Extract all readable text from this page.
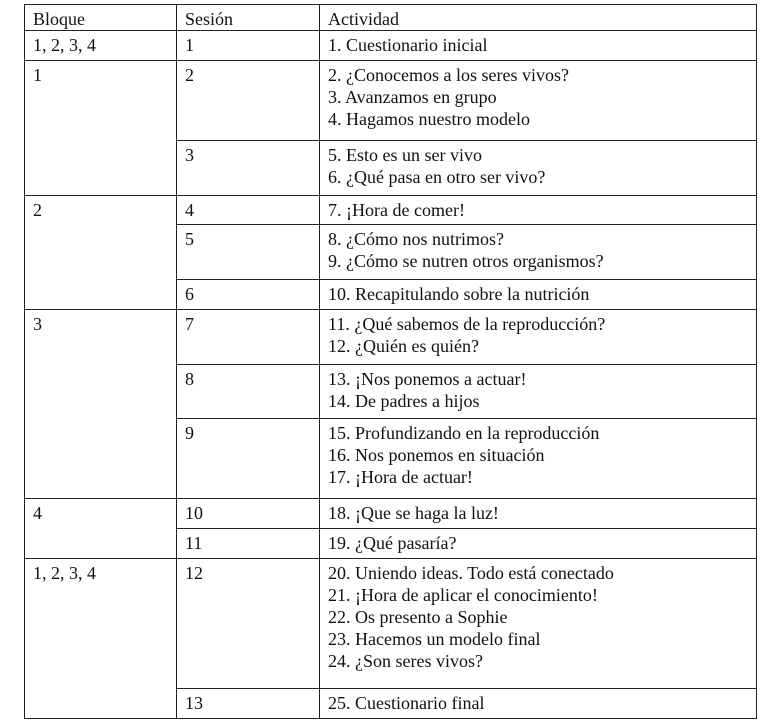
Bloque	Sesión	Actividad
1, 2, 3, 4	1	1. Cuestionario inicial

1	2	2. ¿Conocemos a los seres vivos?
3. Avanzamos en grupo
4. Hagamos nuestro modelo

	3	5. Esto es un ser vivo
6. ¿Qué pasa en otro ser vivo?

2	4	7. ¡Hora de comer!

	5	8. ¿Cómo nos nutrimos?
9. ¿Cómo se nutren otros organismos?

	6	10. Recapitulando sobre la nutrición

3	7	11. ¿Qué sabemos de la reproducción?
12. ¿Quién es quién?

	8	13. ¡Nos ponemos a actuar!
14. De padres a hijos

	9	15. Profundizando en la reproducción
16. Nos ponemos en situación
17. ¡Hora de actuar!

4	10	18. ¡Que se haga la luz!

	11	19. ¿Qué pasaría?

1, 2, 3, 4	12	20. Uniendo ideas. Todo está conectado
21. ¡Hora de aplicar el conocimiento!
22. Os presento a Sophie
23. Hacemos un modelo final
24. ¿Son seres vivos?

	13	25. Cuestionario final
